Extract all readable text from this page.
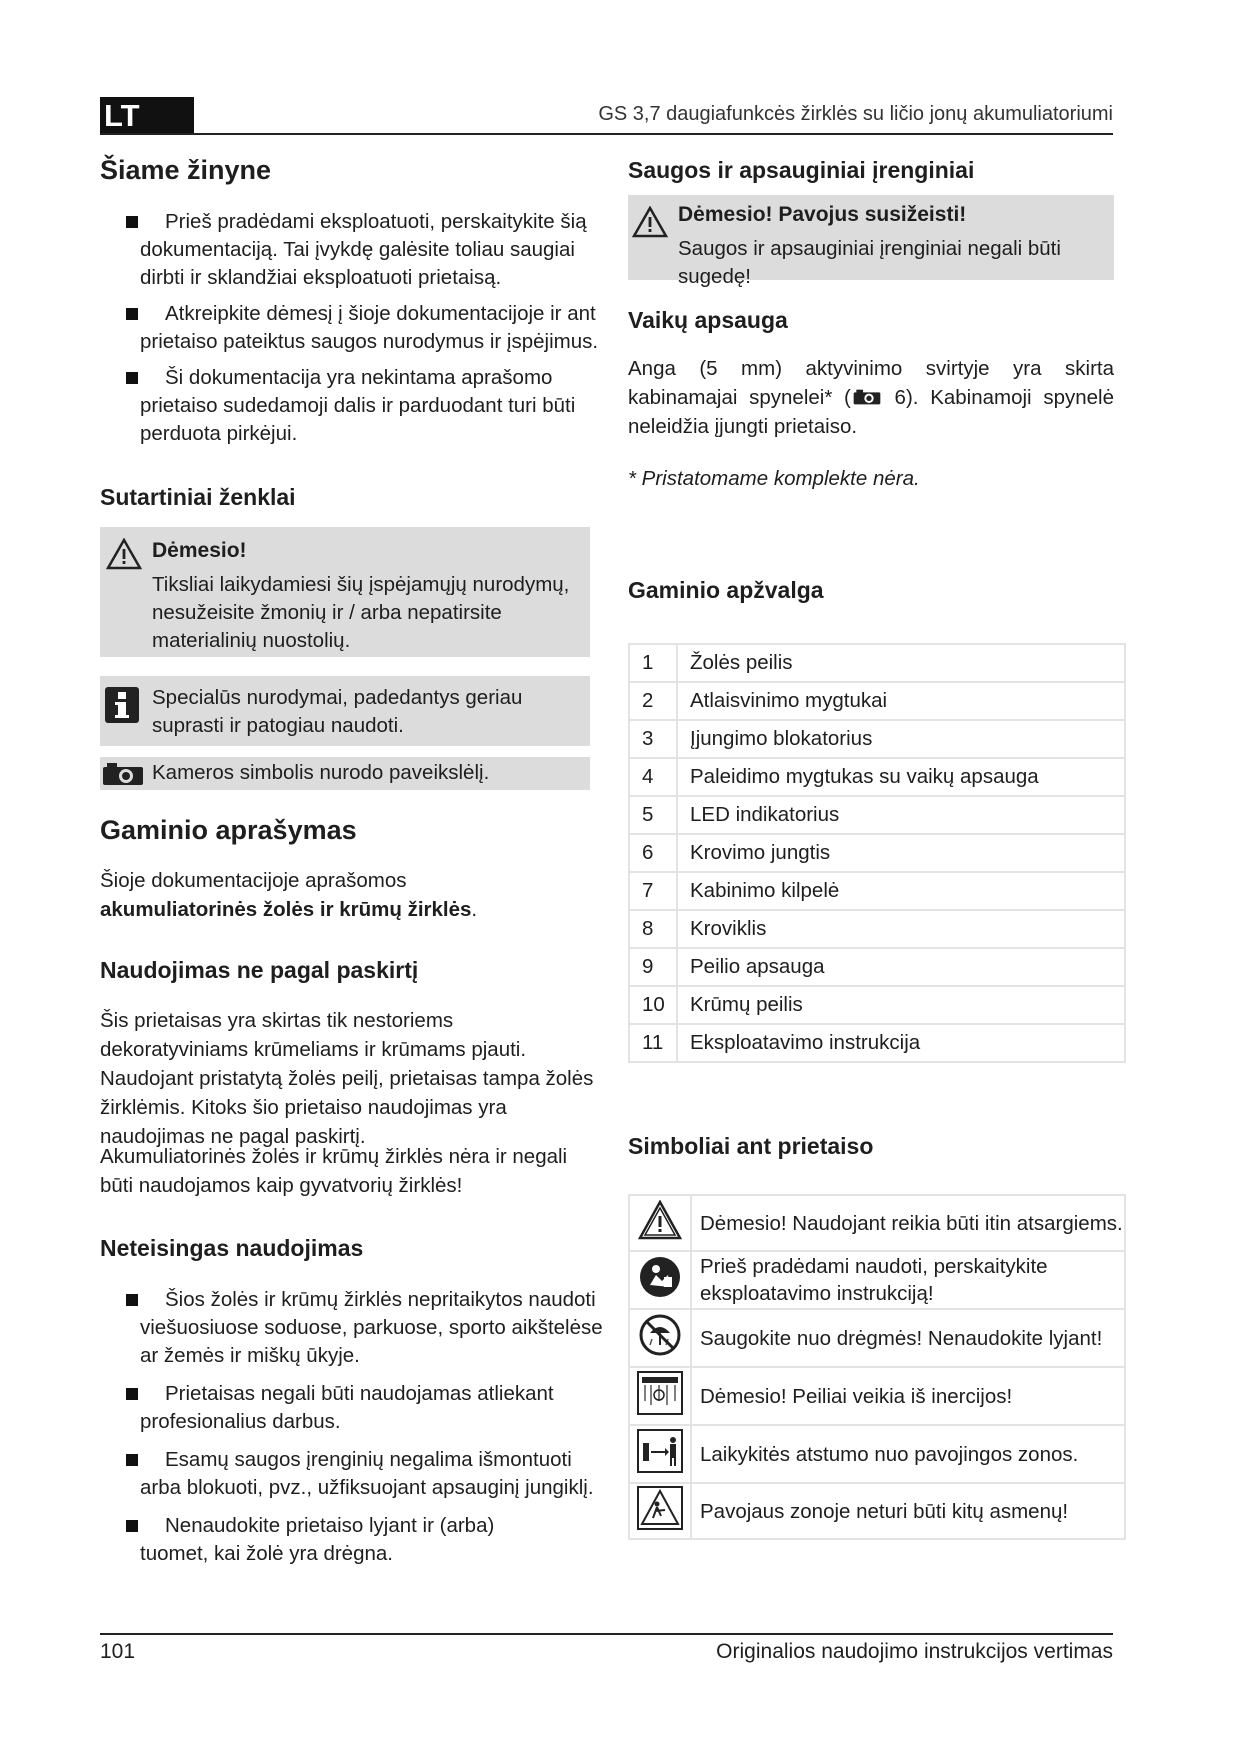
LT	GS 3,7 daugiafunkcės žirklės su ličio jonų akumuliatoriumi
Šiame žinyne
Prieš pradėdami eksploatuoti, perskaitykite šią dokumentaciją. Tai įvykdę galėsite toliau saugiai dirbti ir sklandžiai eksploatuoti prietaisą.
Atkreipkite dėmesį į šioje dokumentacijoje ir ant prietaiso pateiktus saugos nurodymus ir įspėjimus.
Ši dokumentacija yra nekintama aprašomo prietaiso sudedamoji dalis ir parduodant turi būti perduota pirkėjui.
Sutartiniai ženklai
Dėmesio!
Tiksliai laikydamiesi šių įspėjamųjų nurodymų, nesužeisite žmonių ir / arba nepatirsite materialinių nuostolių.
Specialūs nurodymai, padedantys geriau suprasti ir patogiau naudoti.
Kameros simbolis nurodo paveikslėlį.
Gaminio aprašymas
Šioje dokumentacijoje aprašomos
akumuliatorinės žolės ir krūmų žirklės.
Naudojimas ne pagal paskirtį
Šis prietaisas yra skirtas tik nestoriems dekoratyviniams krūmeliams ir krūmams pjauti. Naudojant pristatytą žolės peilį, prietaisas tampa žolės žirklėmis. Kitoks šio prietaiso naudojimas yra naudojimas ne pagal paskirtį.
Akumuliatorinės žolės ir krūmų žirklės nėra ir negali būti naudojamos kaip gyvatvorių žirklės!
Neteisingas naudojimas
Šios žolės ir krūmų žirklės nepritaikytos naudoti viešuosiuose soduose, parkuose, sporto aikštelėse ar žemės ir miškų ūkyje.
Prietaisas negali būti naudojamas atliekant profesionalius darbus.
Esamų saugos įrenginių negalima išmontuoti arba blokuoti, pvz., užfiksuojant apsauginį jungiklį.
Nenaudokite prietaiso lyjant ir (arba) tuomet, kai žolė yra drėgna.
Saugos ir apsauginiai įrenginiai
Dėmesio! Pavojus susižeisti!
Saugos ir apsauginiai įrenginiai negali būti sugedę!
Vaikų apsauga
Anga (5 mm) aktyvinimo svirtyje yra skirta kabinamajai spynelei* ( 6). Kabinamoji spynelė neleidžia įjungti prietaiso.
* Pristatomame komplekte nėra.
Gaminio apžvalga
1	Žolės peilis
2	Atlaisvinimo mygtukai
3	Įjungimo blokatorius
4	Paleidimo mygtukas su vaikų apsauga
5	LED indikatorius
6	Krovimo jungtis
7	Kabinimo kilpelė
8	Kroviklis
9	Peilio apsauga
10	Krūmų peilis
11	Eksploatavimo instrukcija
Simboliai ant prietaiso
	Dėmesio! Naudojant reikia būti itin atsargiems.
	Prieš pradėdami naudoti, perskaitykite eksploatavimo instrukciją!
	Saugokite nuo drėgmės! Nenaudokite lyjant!
	Dėmesio! Peiliai veikia iš inercijos!
	Laikykitės atstumo nuo pavojingos zonos.
	Pavojaus zonoje neturi būti kitų asmenų!
101	Originalios naudojimo instrukcijos vertimas
